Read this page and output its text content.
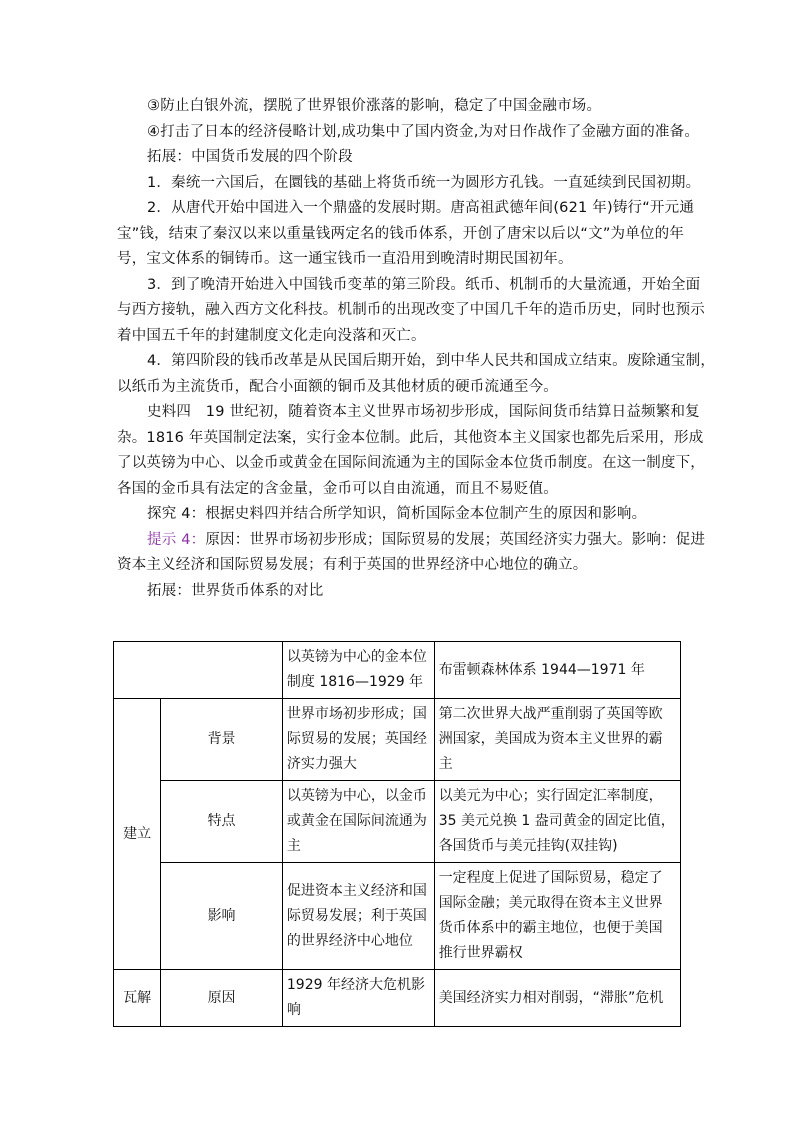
③防止白银外流，摆脱了世界银价涨落的影响，稳定了中国金融市场。
④打击了日本的经济侵略计划,成功集中了国内资金,为对日作战作了金融方面的准备。
拓展：中国货币发展的四个阶段
1．秦统一六国后，在圜钱的基础上将货币统一为圆形方孔钱。一直延续到民国初期。
2．从唐代开始中国进入一个鼎盛的发展时期。唐高祖武德年间(621 年)铸行“开元通
宝”钱，结束了秦汉以来以重量钱两定名的钱币体系，开创了唐宋以后以“文”为单位的年
号，宝文体系的铜铸币。这一通宝钱币一直沿用到晚清时期民国初年。
3．到了晚清开始进入中国钱币变革的第三阶段。纸币、机制币的大量流通，开始全面
与西方接轨，融入西方文化科技。机制币的出现改变了中国几千年的造币历史，同时也预示
着中国五千年的封建制度文化走向没落和灭亡。
4．第四阶段的钱币改革是从民国后期开始，到中华人民共和国成立结束。废除通宝制，
以纸币为主流货币，配合小面额的铜币及其他材质的硬币流通至今。
史料四　19 世纪初，随着资本主义世界市场初步形成，国际间货币结算日益频繁和复
杂。1816 年英国制定法案，实行金本位制。此后，其他资本主义国家也都先后采用，形成
了以英镑为中心、以金币或黄金在国际间流通为主的国际金本位货币制度。在这一制度下，
各国的金币具有法定的含金量，金币可以自由流通，而且不易贬值。
探究 4：根据史料四并结合所学知识，简析国际金本位制产生的原因和影响。
提示 4：原因：世界市场初步形成；国际贸易的发展；英国经济实力强大。影响：促进
资本主义经济和国际贸易发展；有利于英国的世界经济中心地位的确立。
拓展：世界货币体系的对比
		以英镑为中心的金本位制度 1816—1929 年	布雷顿森林体系 1944—1971 年
建立	背景	世界市场初步形成；国际贸易的发展；英国经济实力强大	第二次世界大战严重削弱了英国等欧洲国家，美国成为资本主义世界的霸主
	特点	以英镑为中心，以金币或黄金在国际间流通为主	以美元为中心；实行固定汇率制度，35 美元兑换 1 盎司黄金的固定比值，各国货币与美元挂钩(双挂钩)
	影响	促进资本主义经济和国际贸易发展；利于英国的世界经济中心地位	一定程度上促进了国际贸易，稳定了国际金融；美元取得在资本主义世界货币体系中的霸主地位，也便于美国推行世界霸权
瓦解	原因	1929 年经济大危机影响	美国经济实力相对削弱，“滞胀”危机
